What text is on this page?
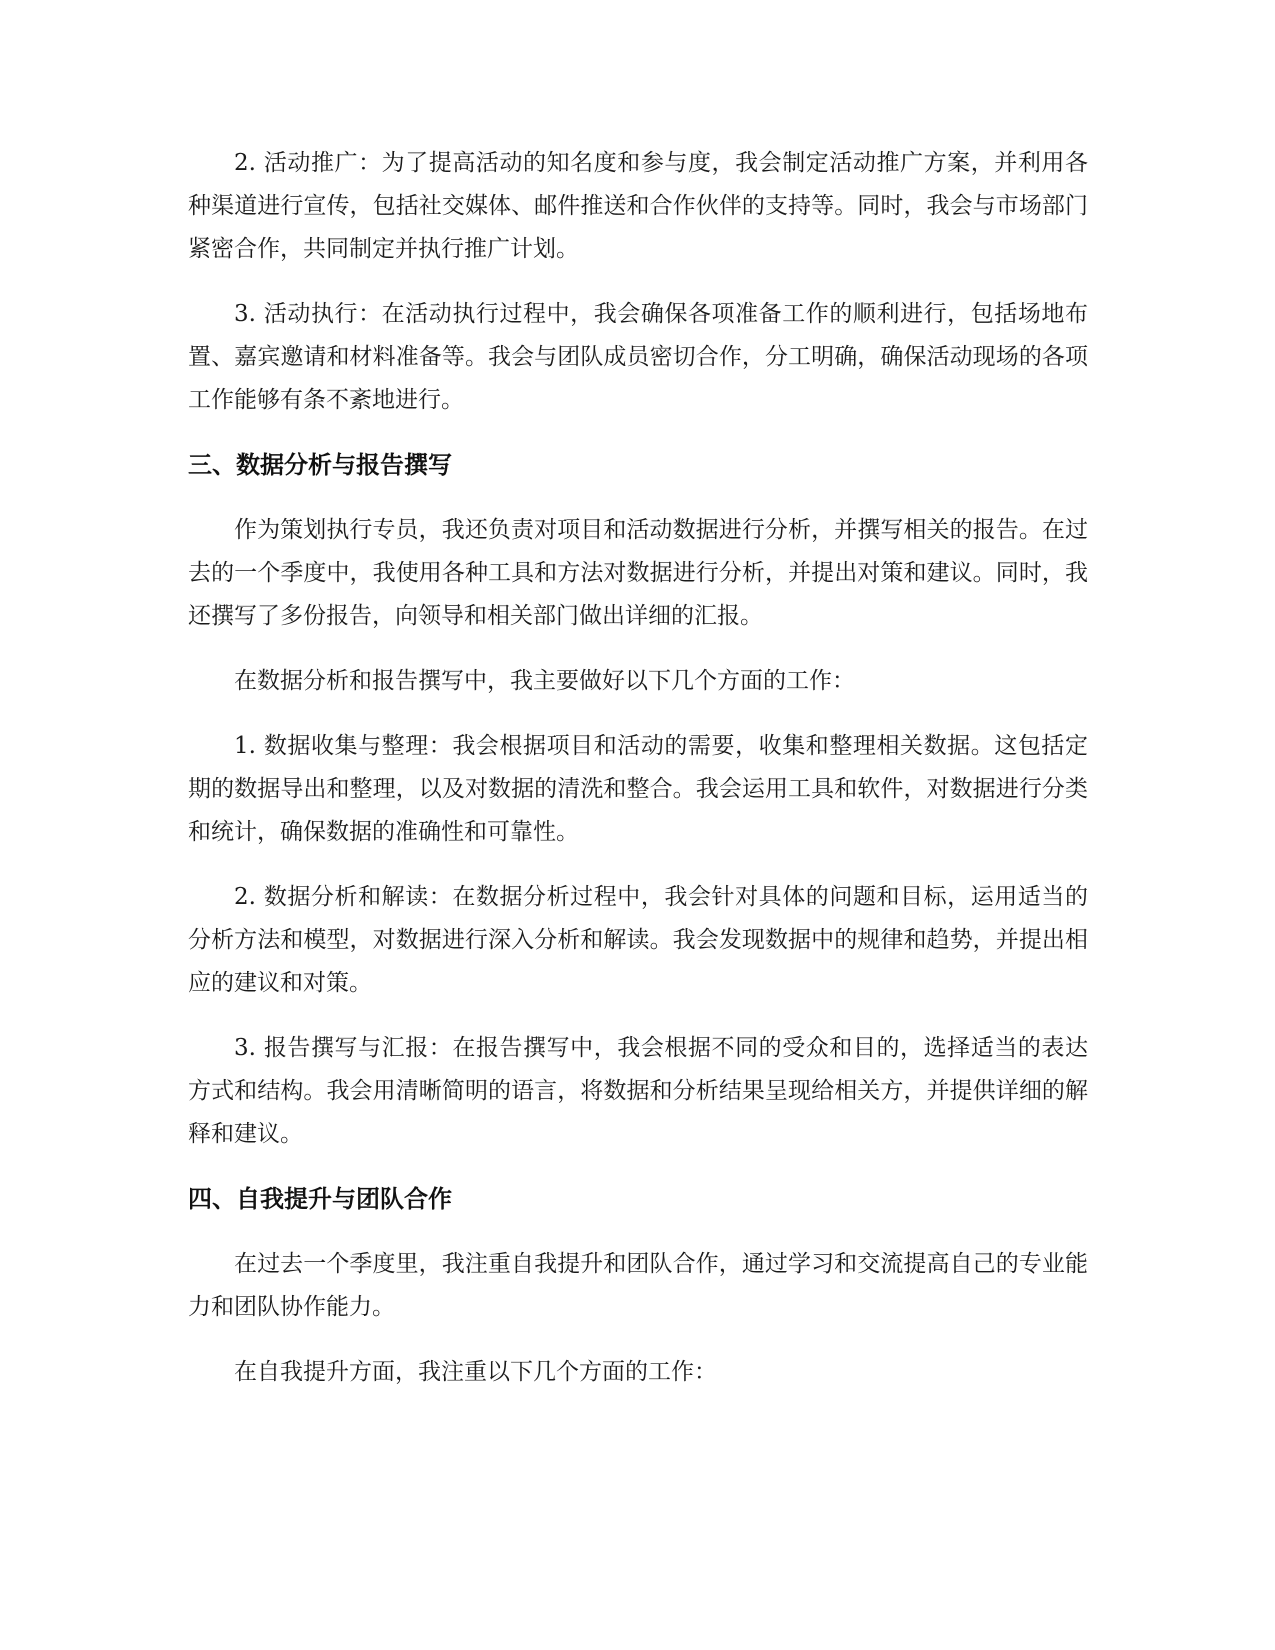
2. 活动推广：为了提高活动的知名度和参与度，我会制定活动推广方案，并利用各种渠道进行宣传，包括社交媒体、邮件推送和合作伙伴的支持等。同时，我会与市场部门紧密合作，共同制定并执行推广计划。

3. 活动执行：在活动执行过程中，我会确保各项准备工作的顺利进行，包括场地布置、嘉宾邀请和材料准备等。我会与团队成员密切合作，分工明确，确保活动现场的各项工作能够有条不紊地进行。

三、数据分析与报告撰写

作为策划执行专员，我还负责对项目和活动数据进行分析，并撰写相关的报告。在过去的一个季度中，我使用各种工具和方法对数据进行分析，并提出对策和建议。同时，我还撰写了多份报告，向领导和相关部门做出详细的汇报。

在数据分析和报告撰写中，我主要做好以下几个方面的工作：

1. 数据收集与整理：我会根据项目和活动的需要，收集和整理相关数据。这包括定期的数据导出和整理，以及对数据的清洗和整合。我会运用工具和软件，对数据进行分类和统计，确保数据的准确性和可靠性。

2. 数据分析和解读：在数据分析过程中，我会针对具体的问题和目标，运用适当的分析方法和模型，对数据进行深入分析和解读。我会发现数据中的规律和趋势，并提出相应的建议和对策。

3. 报告撰写与汇报：在报告撰写中，我会根据不同的受众和目的，选择适当的表达方式和结构。我会用清晰简明的语言，将数据和分析结果呈现给相关方，并提供详细的解释和建议。

四、自我提升与团队合作

在过去一个季度里，我注重自我提升和团队合作，通过学习和交流提高自己的专业能力和团队协作能力。

在自我提升方面，我注重以下几个方面的工作：
